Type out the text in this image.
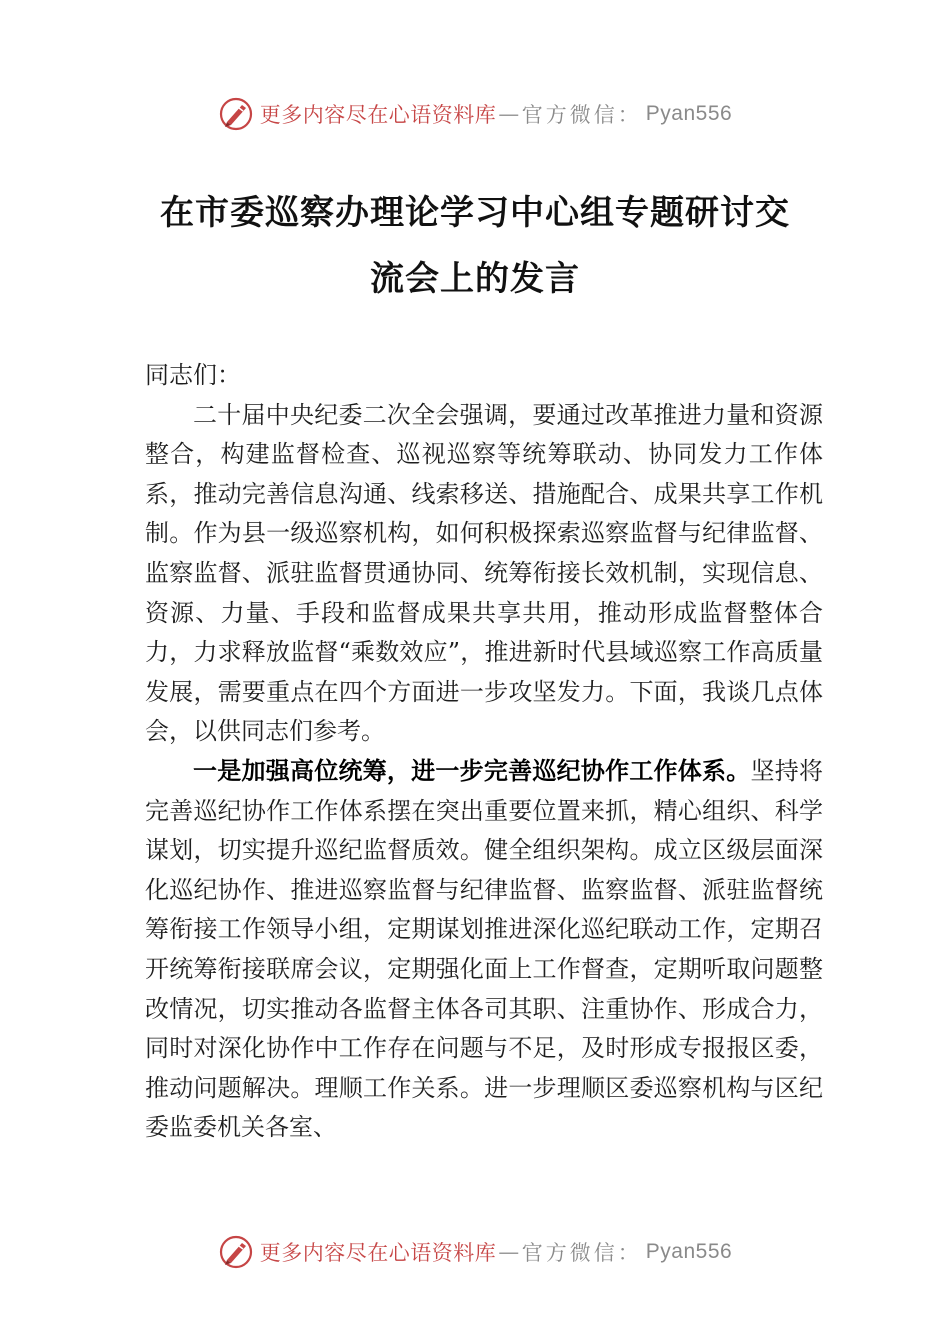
更多内容尽在心语资料库 — 官方微信： Pyan556
在市委巡察办理论学习中心组专题研讨交
流会上的发言

同志们：

二十届中央纪委二次全会强调，要通过改革推进力量和资源整合，构建监督检查、巡视巡察等统筹联动、协同发力工作体系，推动完善信息沟通、线索移送、措施配合、成果共享工作机制。作为县一级巡察机构，如何积极探索巡察监督与纪律监督、监察监督、派驻监督贯通协同、统筹衔接长效机制，实现信息、资源、力量、手段和监督成果共享共用，推动形成监督整体合力，力求释放监督“乘数效应”，推进新时代县域巡察工作高质量发展，需要重点在四个方面进一步攻坚发力。下面，我谈几点体会，以供同志们参考。

一是加强高位统筹，进一步完善巡纪协作工作体系。坚持将完善巡纪协作工作体系摆在突出重要位置来抓，精心组织、科学谋划，切实提升巡纪监督质效。健全组织架构。成立区级层面深化巡纪协作、推进巡察监督与纪律监督、监察监督、派驻监督统筹衔接工作领导小组，定期谋划推进深化巡纪联动工作，定期召开统筹衔接联席会议，定期强化面上工作督查，定期听取问题整改情况，切实推动各监督主体各司其职、注重协作、形成合力，同时对深化协作中工作存在问题与不足，及时形成专报报区委，推动问题解决。理顺工作关系。进一步理顺区委巡察机构与区纪委监委机关各室、

更多内容尽在心语资料库 — 官方微信： Pyan556
